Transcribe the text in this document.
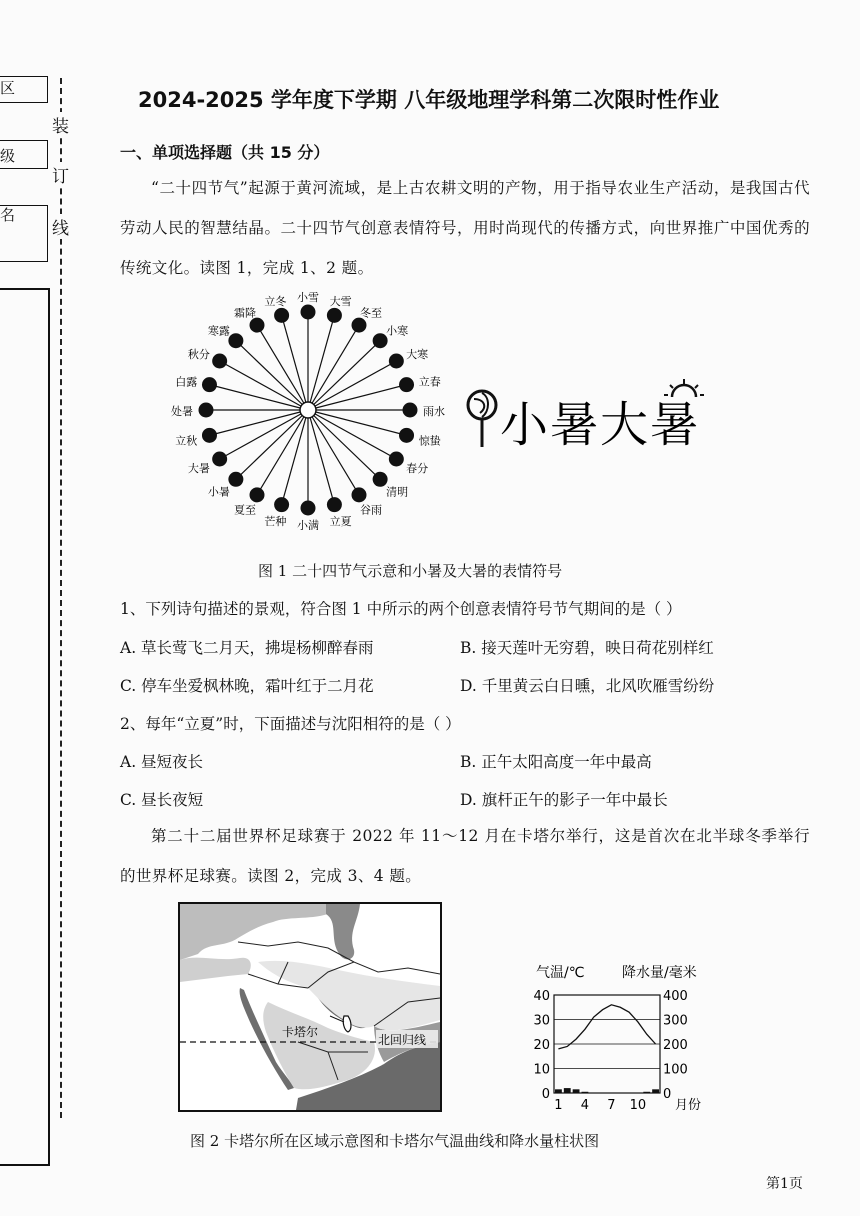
区
级
名
装
订
线
2024-2025 学年度下学期 八年级地理学科第二次限时性作业
一、单项选择题（共 15 分）
“二十四节气”起源于黄河流域，是上古农耕文明的产物，用于指导农业生产活动，是我国古代劳动人民的智慧结晶。二十四节气创意表情符号，用时尚现代的传播方式，向世界推广中国优秀的传统文化。读图 1，完成 1、2 题。
立春
雨水
惊蛰
春分
清明
谷雨
立夏
小满
芒种
夏至
小暑
大暑
立秋
处暑
白露
秋分
寒露
霜降
立冬 小雪 大雪
冬至
小寒
大寒
小 暑 大 暑
图 1 二十四节气示意和小暑及大暑的表情符号
1、下列诗句描述的景观，符合图 1 中所示的两个创意表情符号节气期间的是（ ）
A. 草长莺飞二月天，拂堤杨柳醉春雨	B. 接天莲叶无穷碧，映日荷花别样红
C. 停车坐爱枫林晚，霜叶红于二月花	D. 千里黄云白日曛，北风吹雁雪纷纷
2、每年“立夏”时，下面描述与沈阳相符的是（ ）
A. 昼短夜长	B. 正午太阳高度一年中最高
C. 昼长夜短	D. 旗杆正午的影子一年中最长
第二十二届世界杯足球赛于 2022 年 11～12 月在卡塔尔举行，这是首次在北半球冬季举行的世界杯足球赛。读图 2，完成 3、4 题。
卡塔尔
北回归线
气温/℃	降水量/毫米
0	0
10	100
20	200
30	300
40	400
1 4 7 10 月份
图 2 卡塔尔所在区域示意图和卡塔尔气温曲线和降水量柱状图
第1页
